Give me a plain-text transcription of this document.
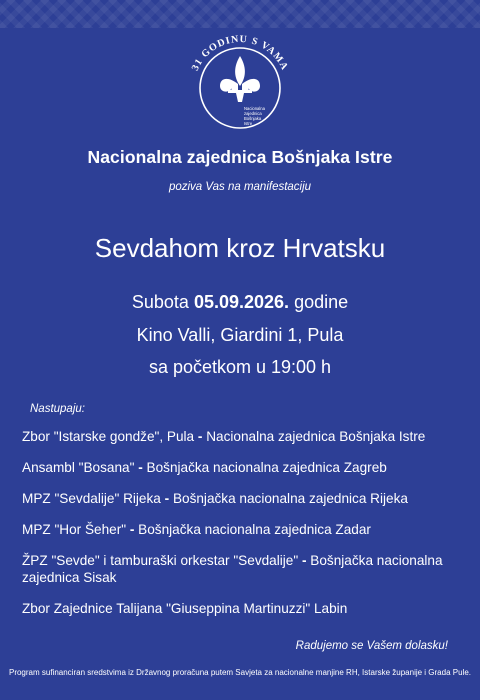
31 GODINU S VAMA
Nacionalna
zajednica
Bošnjaka
Istre
Nacionalna zajednica Bošnjaka Istre
poziva Vas na manifestaciju
Sevdahom kroz Hrvatsku
Subota 05.09.2026. godine
Kino Valli, Giardini 1, Pula
sa početkom u 19:00 h
Nastupaju:
Zbor "Istarske gondže", Pula - Nacionalna zajednica Bošnjaka Istre
Ansambl "Bosana" - Bošnjačka nacionalna zajednica Zagreb
MPZ "Sevdalije" Rijeka - Bošnjačka nacionalna zajednica Rijeka
MPZ "Hor Šeher" - Bošnjačka nacionalna zajednica Zadar
ŽPZ "Sevde" i tamburaški orkestar "Sevdalije" - Bošnjačka nacionalna zajednica Sisak
Zbor Zajednice Talijana "Giuseppina Martinuzzi" Labin
Radujemo se Vašem dolasku!
Program sufinanciran sredstvima iz Državnog proračuna putem Savjeta za nacionalne manjine RH, Istarske županije i Grada Pule.
